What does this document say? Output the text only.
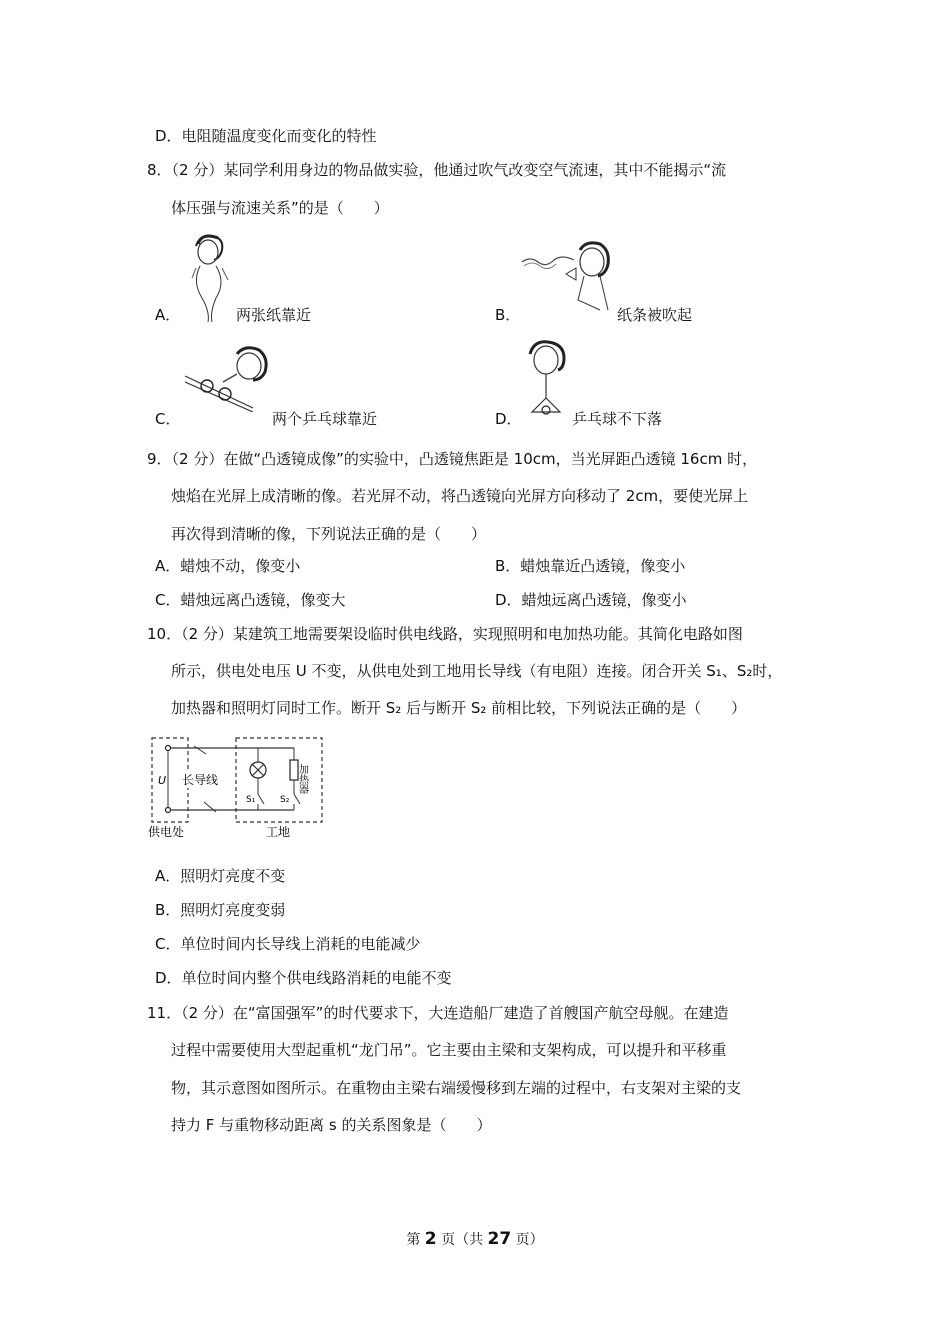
D．电阻随温度变化而变化的特性
8．（2 分）某同学利用身边的物品做实验，他通过吹气改变空气流速，其中不能揭示“流
体压强与流速关系”的是（　　）
A．	两张纸靠近	B．	纸条被吹起
C．	两个乒乓球靠近	D．	乒乓球不下落
9．（2 分）在做“凸透镜成像”的实验中，凸透镜焦距是 10cm，当光屏距凸透镜 16cm 时，
烛焰在光屏上成清晰的像。若光屏不动，将凸透镜向光屏方向移动了 2cm，要使光屏上
再次得到清晰的像，下列说法正确的是（　　）
A．蜡烛不动，像变小	B．蜡烛靠近凸透镜，像变小
C．蜡烛远离凸透镜，像变大	D．蜡烛远离凸透镜，像变小
10．（2 分）某建筑工地需要架设临时供电线路，实现照明和电加热功能。其简化电路如图
所示，供电处电压 U 不变，从供电处到工地用长导线（有电阻）连接。闭合开关 S₁、S₂时，
加热器和照明灯同时工作。断开 S₂ 后与断开 S₂ 前相比较，下列说法正确的是（　　）
U 长导线
S₁	S₂
加热器
供电处	工地
A．照明灯亮度不变
B．照明灯亮度变弱
C．单位时间内长导线上消耗的电能减少
D．单位时间内整个供电线路消耗的电能不变
11．（2 分）在“富国强军”的时代要求下，大连造船厂建造了首艘国产航空母舰。在建造
过程中需要使用大型起重机“龙门吊”。它主要由主梁和支架构成，可以提升和平移重
物，其示意图如图所示。在重物由主梁右端缓慢移到左端的过程中，右支架对主梁的支
持力 F 与重物移动距离 s 的关系图象是（　　）
第 2 页（共 27 页）
